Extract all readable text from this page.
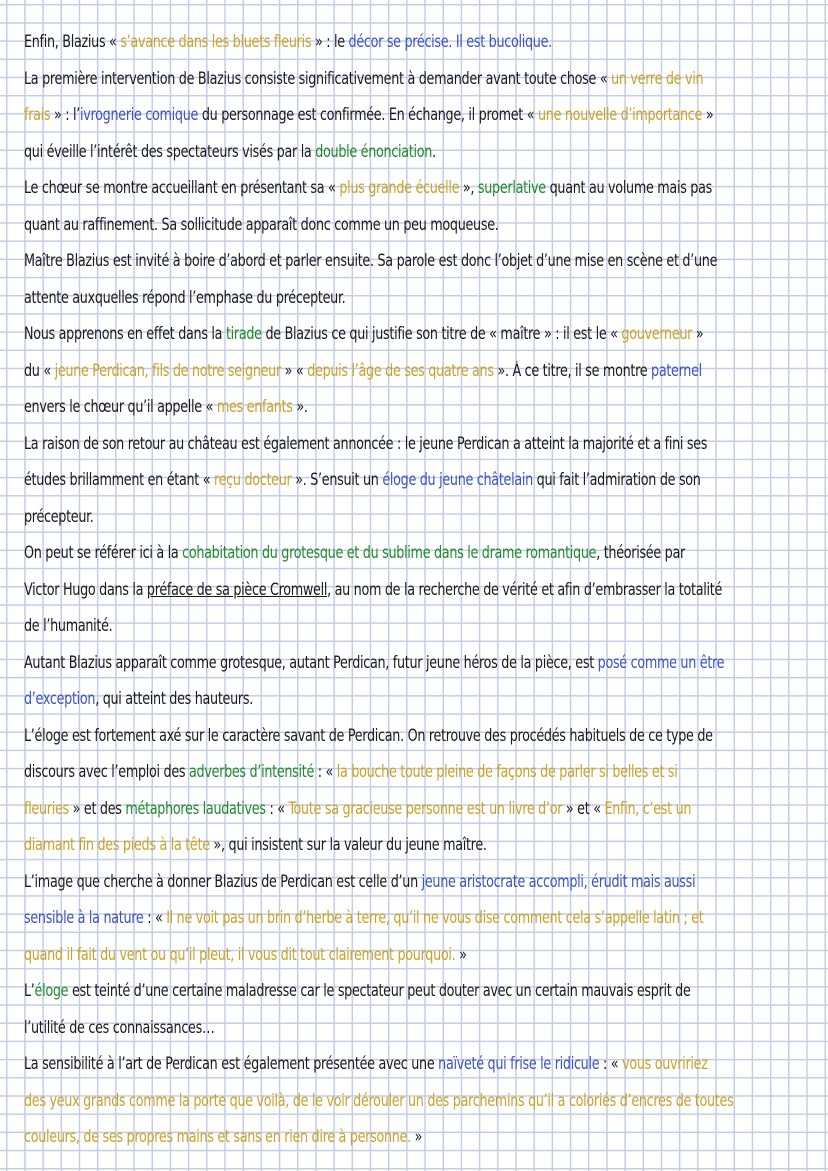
Enfin, Blazius « s’avance dans les bluets fleuris » : le décor se précise. Il est bucolique.
La première intervention de Blazius consiste significativement à demander avant toute chose « un verre de vin
frais » : l’ivrognerie comique du personnage est confirmée. En échange, il promet « une nouvelle d’importance »
qui éveille l’intérêt des spectateurs visés par la double énonciation.
Le chœur se montre accueillant en présentant sa « plus grande écuelle », superlative quant au volume mais pas
quant au raffinement. Sa sollicitude apparaît donc comme un peu moqueuse.
Maître Blazius est invité à boire d’abord et parler ensuite. Sa parole est donc l’objet d’une mise en scène et d’une
attente auxquelles répond l’emphase du précepteur.
Nous apprenons en effet dans la tirade de Blazius ce qui justifie son titre de « maître » : il est le « gouverneur »
du « jeune Perdican, fils de notre seigneur » « depuis l’âge de ses quatre ans ». À ce titre, il se montre paternel
envers le chœur qu’il appelle « mes enfants ».
La raison de son retour au château est également annoncée : le jeune Perdican a atteint la majorité et a fini ses
études brillamment en étant « reçu docteur ». S’ensuit un éloge du jeune châtelain qui fait l’admiration de son
précepteur.
On peut se référer ici à la cohabitation du grotesque et du sublime dans le drame romantique, théorisée par
Victor Hugo dans la préface de sa pièce Cromwell, au nom de la recherche de vérité et afin d’embrasser la totalité
de l’humanité.
Autant Blazius apparaît comme grotesque, autant Perdican, futur jeune héros de la pièce, est posé comme un être
d’exception, qui atteint des hauteurs.
L’éloge est fortement axé sur le caractère savant de Perdican. On retrouve des procédés habituels de ce type de
discours avec l’emploi des adverbes d’intensité : « la bouche toute pleine de façons de parler si belles et si
fleuries » et des métaphores laudatives : « Toute sa gracieuse personne est un livre d’or » et « Enfin, c’est un
diamant fin des pieds à la tête », qui insistent sur la valeur du jeune maître.
L’image que cherche à donner Blazius de Perdican est celle d’un jeune aristocrate accompli, érudit mais aussi
sensible à la nature : « Il ne voit pas un brin d’herbe à terre, qu’il ne vous dise comment cela s’appelle latin ; et
quand il fait du vent ou qu’il pleut, il vous dit tout clairement pourquoi. »
L’éloge est teinté d’une certaine maladresse car le spectateur peut douter avec un certain mauvais esprit de
l’utilité de ces connaissances…
La sensibilité à l’art de Perdican est également présentée avec une naïveté qui frise le ridicule : « vous ouvririez
des yeux grands comme la porte que voilà, de le voir dérouler un des parchemins qu’il a coloriés d’encres de toutes
couleurs, de ses propres mains et sans en rien dire à personne. »
